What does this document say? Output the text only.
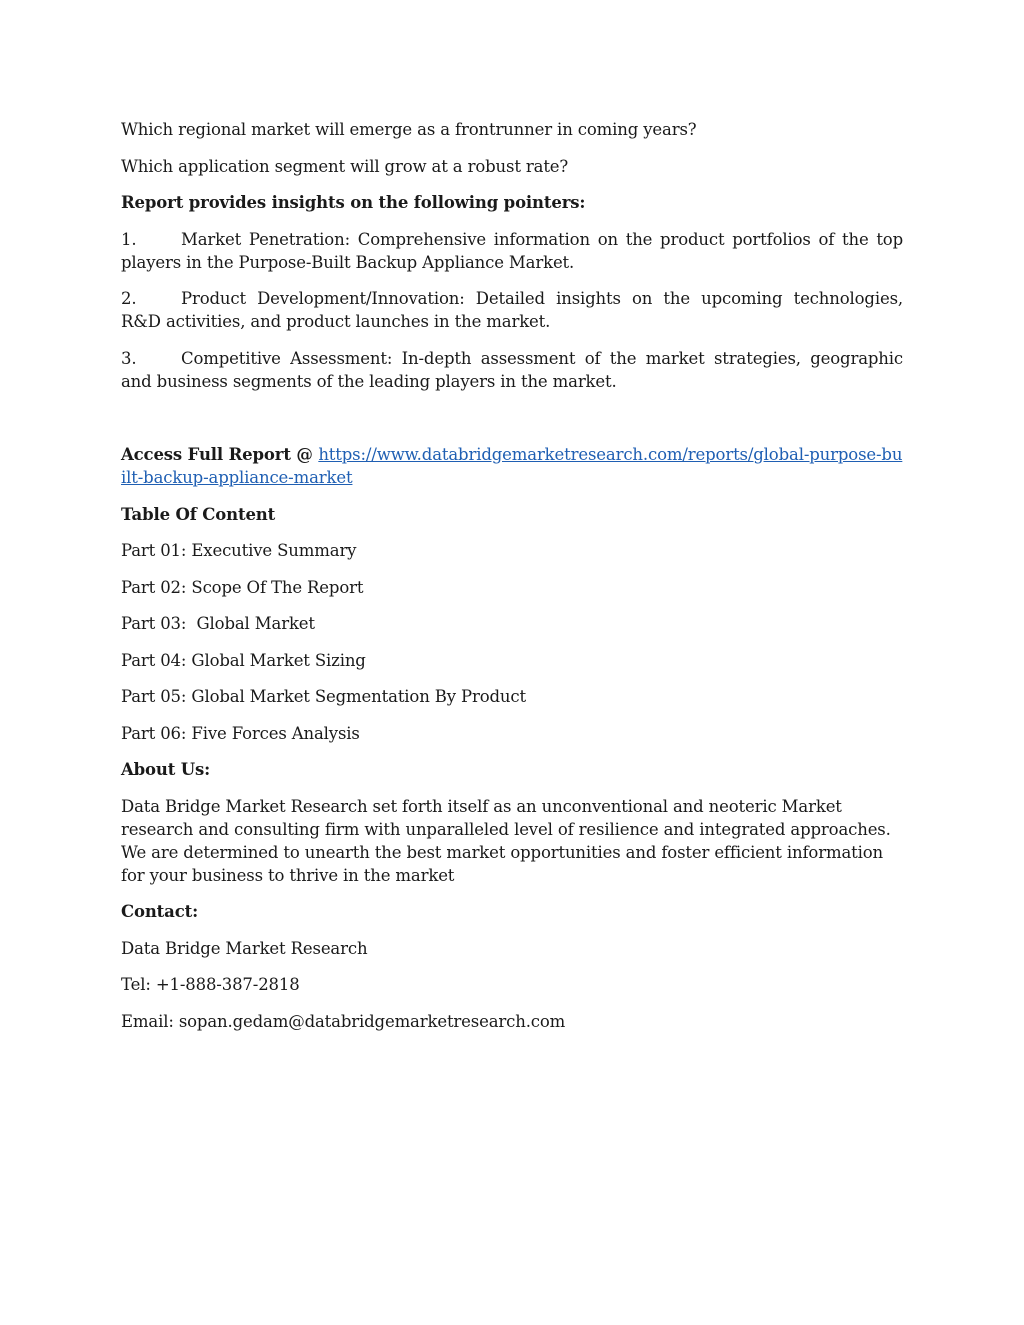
Which regional market will emerge as a frontrunner in coming years?

Which application segment will grow at a robust rate?

Report provides insights on the following pointers:

1.	Market Penetration: Comprehensive information on the product portfolios of the top players in the Purpose-Built Backup Appliance Market.

2.	Product Development/Innovation: Detailed insights on the upcoming technologies, R&D activities, and product launches in the market.

3.	Competitive Assessment: In-depth assessment of the market strategies, geographic and business segments of the leading players in the market.

Access Full Report @ https://www.databridgemarketresearch.com/reports/global-purpose-built-backup-appliance-market

Table Of Content

Part 01: Executive Summary

Part 02: Scope Of The Report

Part 03:  Global Market

Part 04: Global Market Sizing

Part 05: Global Market Segmentation By Product

Part 06: Five Forces Analysis

About Us:

Data Bridge Market Research set forth itself as an unconventional and neoteric Market research and consulting firm with unparalleled level of resilience and integrated approaches. We are determined to unearth the best market opportunities and foster efficient information for your business to thrive in the market

Contact:

Data Bridge Market Research

Tel: +1-888-387-2818

Email: sopan.gedam@databridgemarketresearch.com
